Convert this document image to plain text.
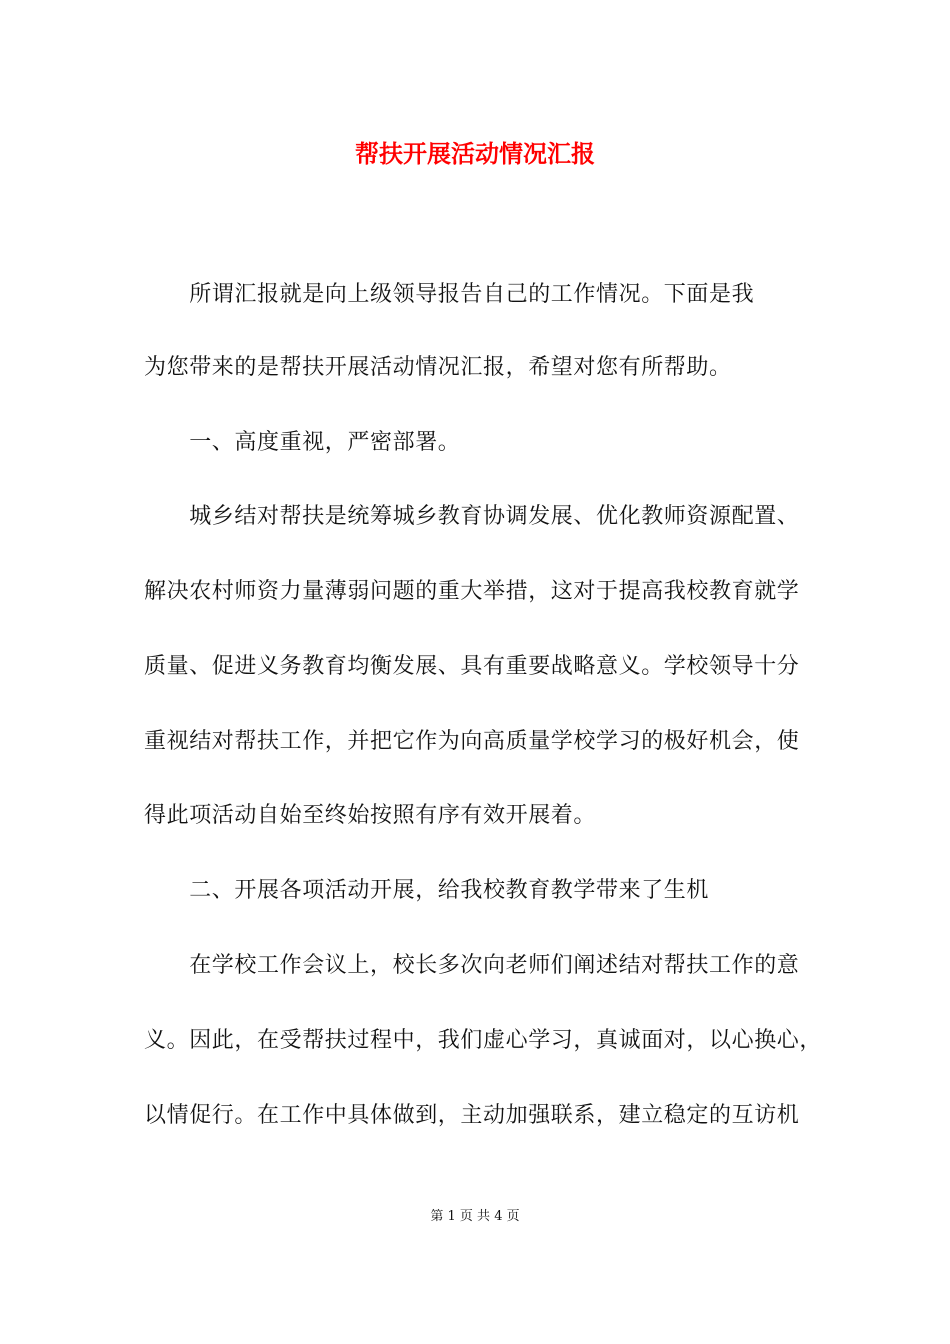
帮扶开展活动情况汇报
　　所谓汇报就是向上级领导报告自己的工作情况。下面是我
为您带来的是帮扶开展活动情况汇报，希望对您有所帮助。
　　一、高度重视，严密部署。
　　城乡结对帮扶是统筹城乡教育协调发展、优化教师资源配置、
解决农村师资力量薄弱问题的重大举措，这对于提高我校教育就学
质量、促进义务教育均衡发展、具有重要战略意义。学校领导十分
重视结对帮扶工作，并把它作为向高质量学校学习的极好机会，使
得此项活动自始至终始按照有序有效开展着。
　　二、开展各项活动开展，给我校教育教学带来了生机
　　在学校工作会议上，校长多次向老师们阐述结对帮扶工作的意
义。因此，在受帮扶过程中，我们虚心学习，真诚面对，以心换心，
以情促行。在工作中具体做到，主动加强联系，建立稳定的互访机
第 1 页 共 4 页
